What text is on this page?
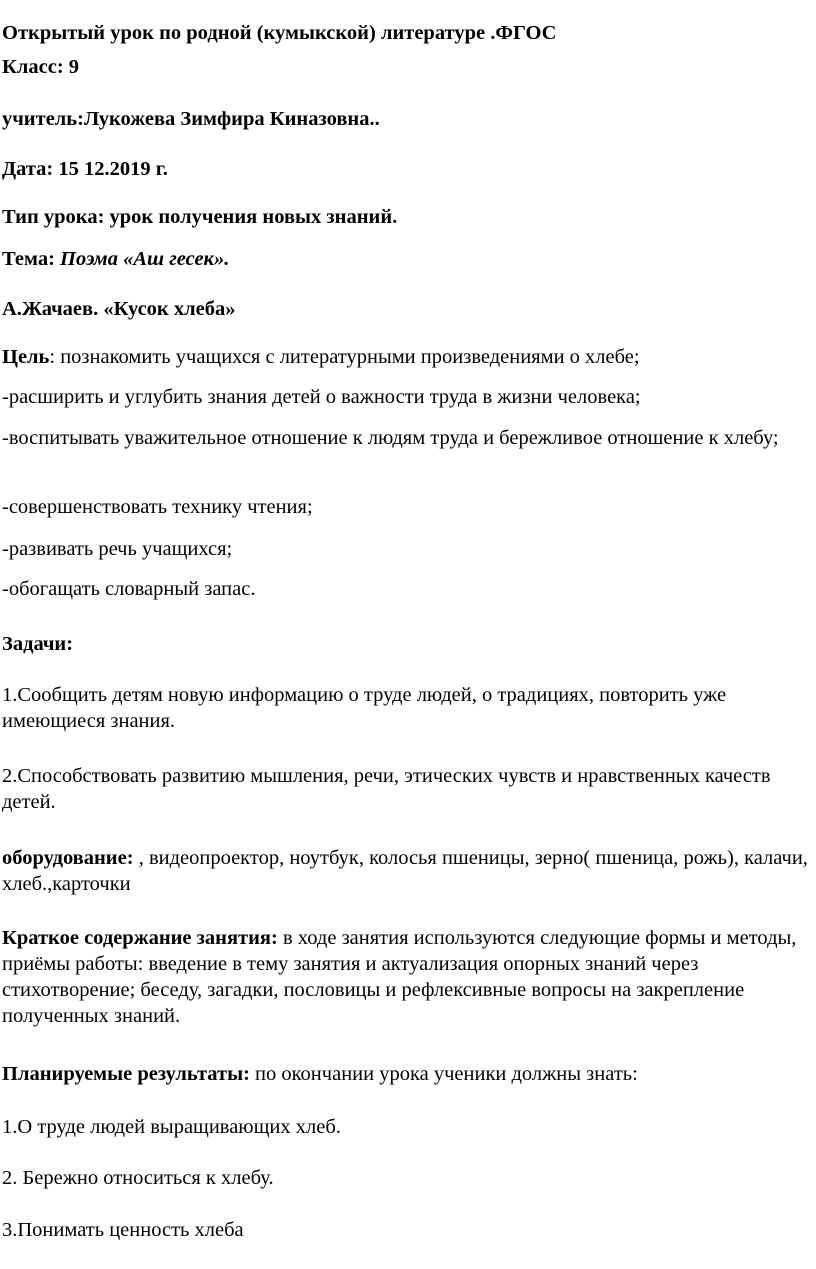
Открытый урок по родной (кумыкской) литературе .ФГОС

Класс: 9

учитель:Лукожева Зимфира Киназовна..

Дата: 15 12.2019 г.

Тип урока: урок получения новых знаний.

Тема: Поэма «Аш гесек».

А.Жачаев. «Кусок хлеба»

Цель: познакомить учащихся с литературными произведениями о хлебе;

-расширить и углубить знания детей о важности труда в жизни человека;

-воспитывать уважительное отношение к людям труда и бережливое отношение к хлебу;

-совершенствовать технику чтения;

-развивать речь учащихся;

-обогащать словарный запас.

Задачи:

1.Сообщить детям новую информацию о труде людей, о традициях, повторить уже имеющиеся знания.

2.Способствовать развитию мышления, речи, этических чувств и нравственных качеств детей.

оборудование: , видеопроектор, ноутбук, колосья пшеницы, зерно( пшеница, рожь), калачи, хлеб.,карточки

Краткое содержание занятия: в ходе занятия используются следующие формы и методы, приёмы работы: введение в тему занятия и актуализация опорных знаний через стихотворение; беседу, загадки, пословицы и рефлексивные вопросы на закрепление полученных знаний.

Планируемые результаты: по окончании урока ученики должны знать:

1.О труде людей выращивающих хлеб.

2. Бережно относиться к хлебу.

3.Понимать ценность хлеба
